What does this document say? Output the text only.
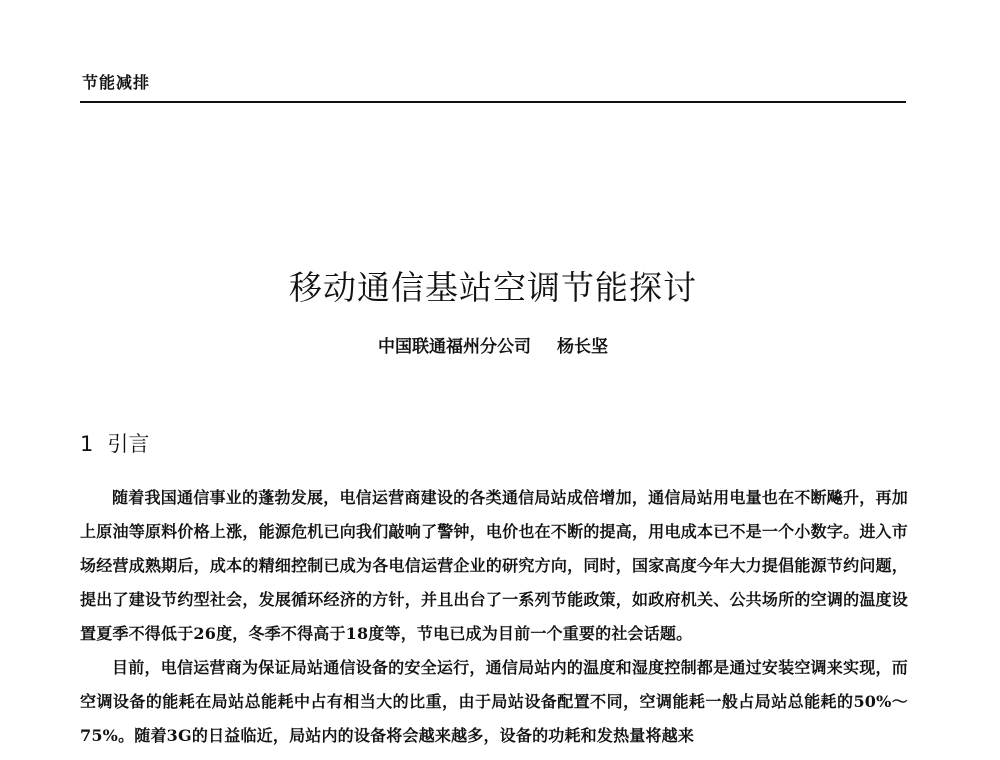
节能减排
移动通信基站空调节能探讨
中国联通福州分公司 杨长坚
1 引言

随着我国通信事业的蓬勃发展，电信运营商建设的各类通信局站成倍增加，通信局站用电量也在不断飚升，再加上原油等原料价格上涨，能源危机已向我们敲响了警钟，电价也在不断的提高，用电成本已不是一个小数字。进入市场经营成熟期后，成本的精细控制已成为各电信运营企业的研究方向，同时，国家高度今年大力提倡能源节约问题，提出了建设节约型社会，发展循环经济的方针，并且出台了一系列节能政策，如政府机关、公共场所的空调的温度设置夏季不得低于26度，冬季不得高于18度等，节电已成为目前一个重要的社会话题。

目前，电信运营商为保证局站通信设备的安全运行，通信局站内的温度和湿度控制都是通过安装空调来实现，而空调设备的能耗在局站总能耗中占有相当大的比重，由于局站设备配置不同，空调能耗一般占局站总能耗的50%～75%。随着3G的日益临近，局站内的设备将会越来越多，设备的功耗和发热量将越来
